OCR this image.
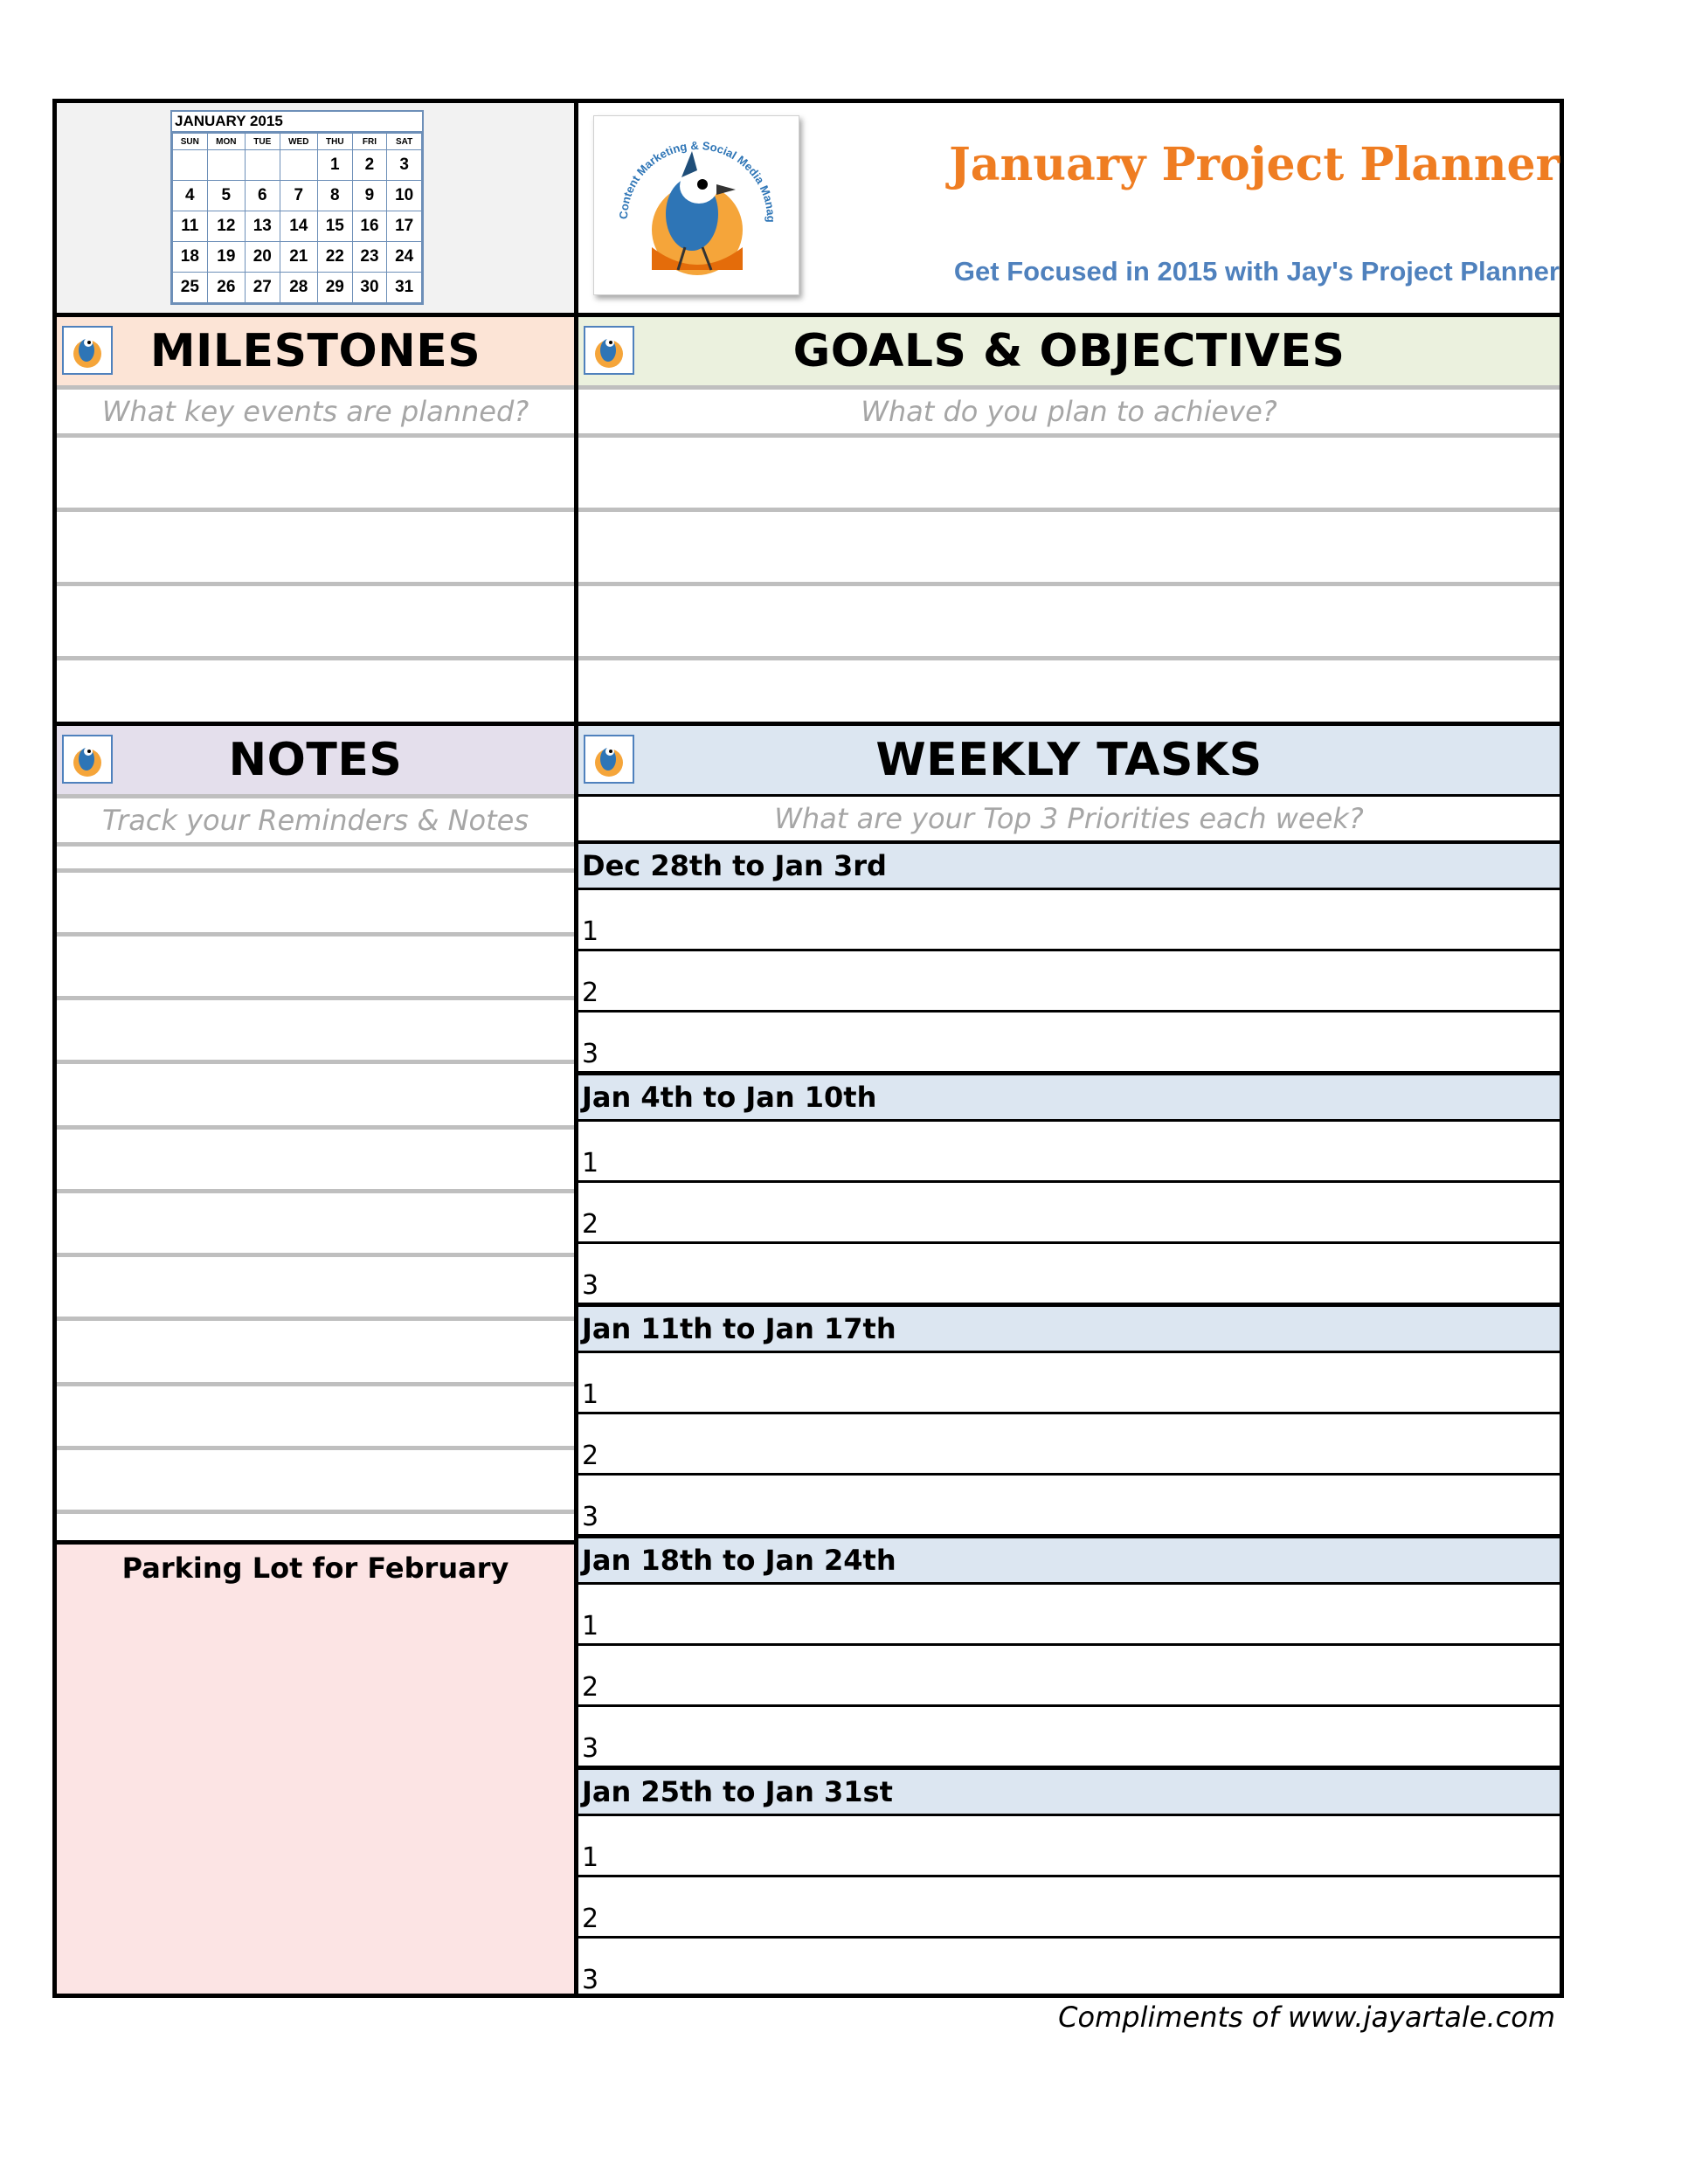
JANUARY 2015
SUN	MON	TUE	WED	THU	FRI	SAT
				1	2	3
4	5	6	7	8	9	10
11	12	13	14	15	16	17
18	19	20	21	22	23	24
25	26	27	28	29	30	31
Content Marketing & Social Media Manag
January Project Planner
Get Focused in 2015 with Jay's Project Planner
MILESTONES
What key events are planned?
GOALS & OBJECTIVES
What do you plan to achieve?
NOTES
Track your Reminders & Notes
WEEKLY TASKS
What are your Top 3 Priorities each week?
Dec 28th to Jan 3rd
1
2
3
Jan 4th to Jan 10th
1
2
3
Jan 11th to Jan 17th
1
2
3
Jan 18th to Jan 24th
1
2
3
Jan 25th to Jan 31st
1
2
3
Parking Lot for February
Compliments of www.jayartale.com
